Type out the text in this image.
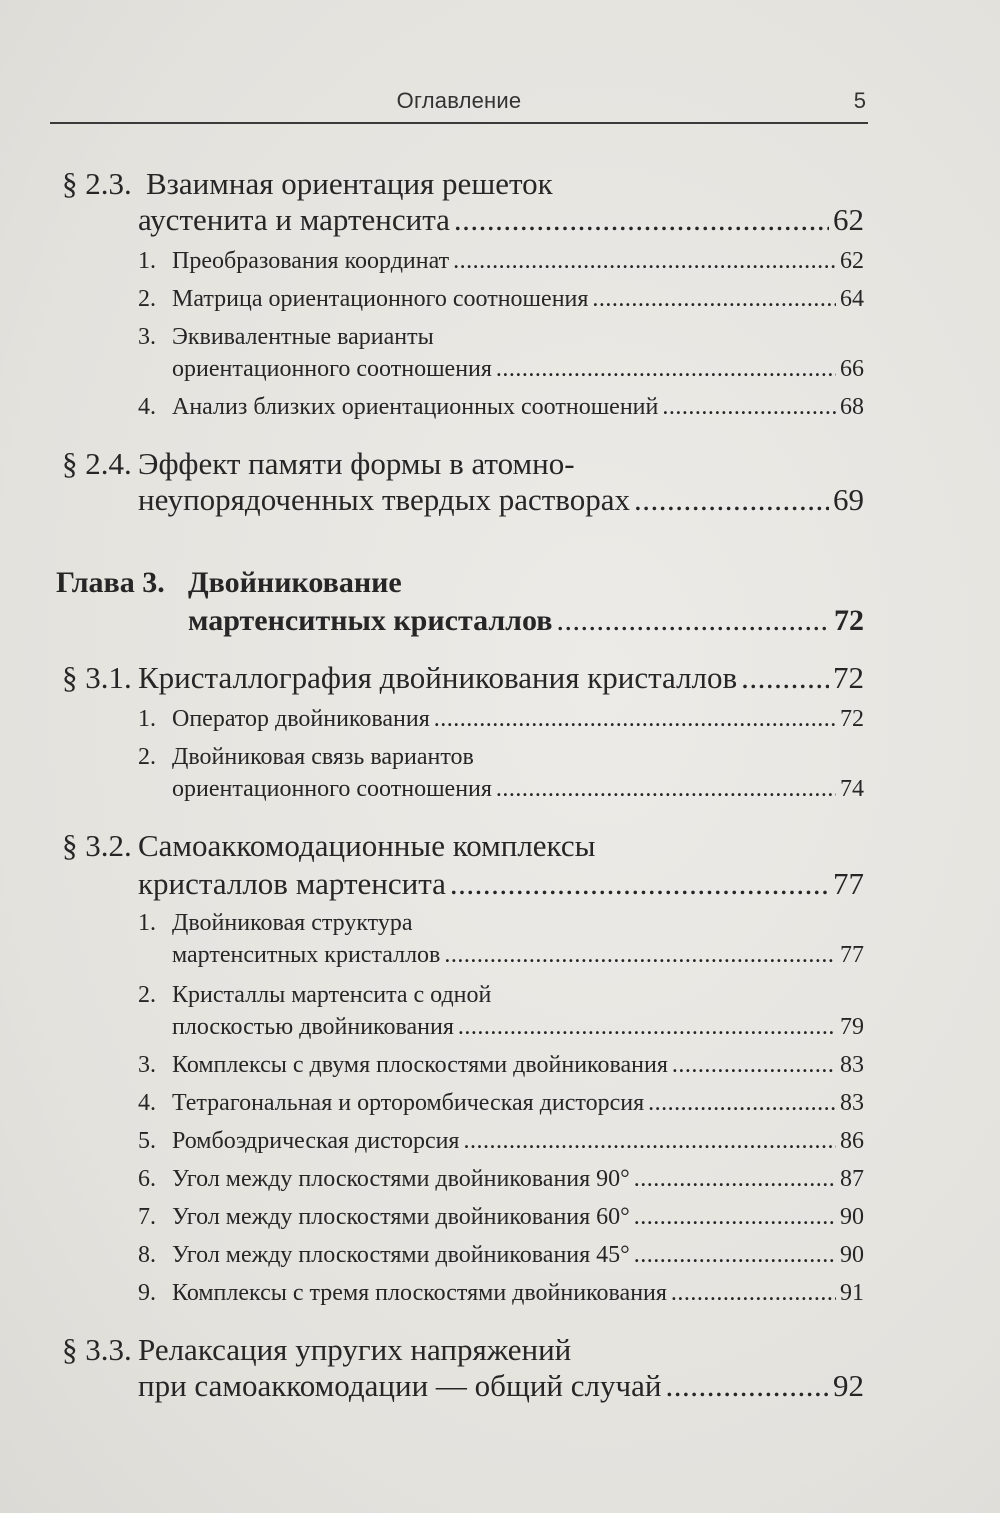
Оглавление	5
§ 2.3. Взаимная ориентация решеток
аустенита и мартенсита .....	62
1. Преобразования координат .....	62
2. Матрица ориентационного соотношения .....	64
3. Эквивалентные варианты
ориентационного соотношения .....	66
4. Анализ близких ориентационных соотношений .....	68
§ 2.4. Эффект памяти формы в атомно-
неупорядоченных твердых растворах .....	69
Глава 3. Двойникование
мартенситных кристаллов .....	72
§ 3.1. Кристаллография двойникования кристаллов .....	72
1. Оператор двойникования .....	72
2. Двойниковая связь вариантов
ориентационного соотношения .....	74
§ 3.2. Самоаккомодационные комплексы
кристаллов мартенсита .....	77
1. Двойниковая структура
мартенситных кристаллов .....	77
2. Кристаллы мартенсита с одной
плоскостью двойникования .....	79
3. Комплексы с двумя плоскостями двойникования .....	83
4. Тетрагональная и орторомбическая дисторсия .....	83
5. Ромбоэдрическая дисторсия .....	86
6. Угол между плоскостями двойникования 90° .....	87
7. Угол между плоскостями двойникования 60° .....	90
8. Угол между плоскостями двойникования 45° .....	90
9. Комплексы с тремя плоскостями двойникования .....	91
§ 3.3. Релаксация упругих напряжений
при самоаккомодации — общий случай .....	92
